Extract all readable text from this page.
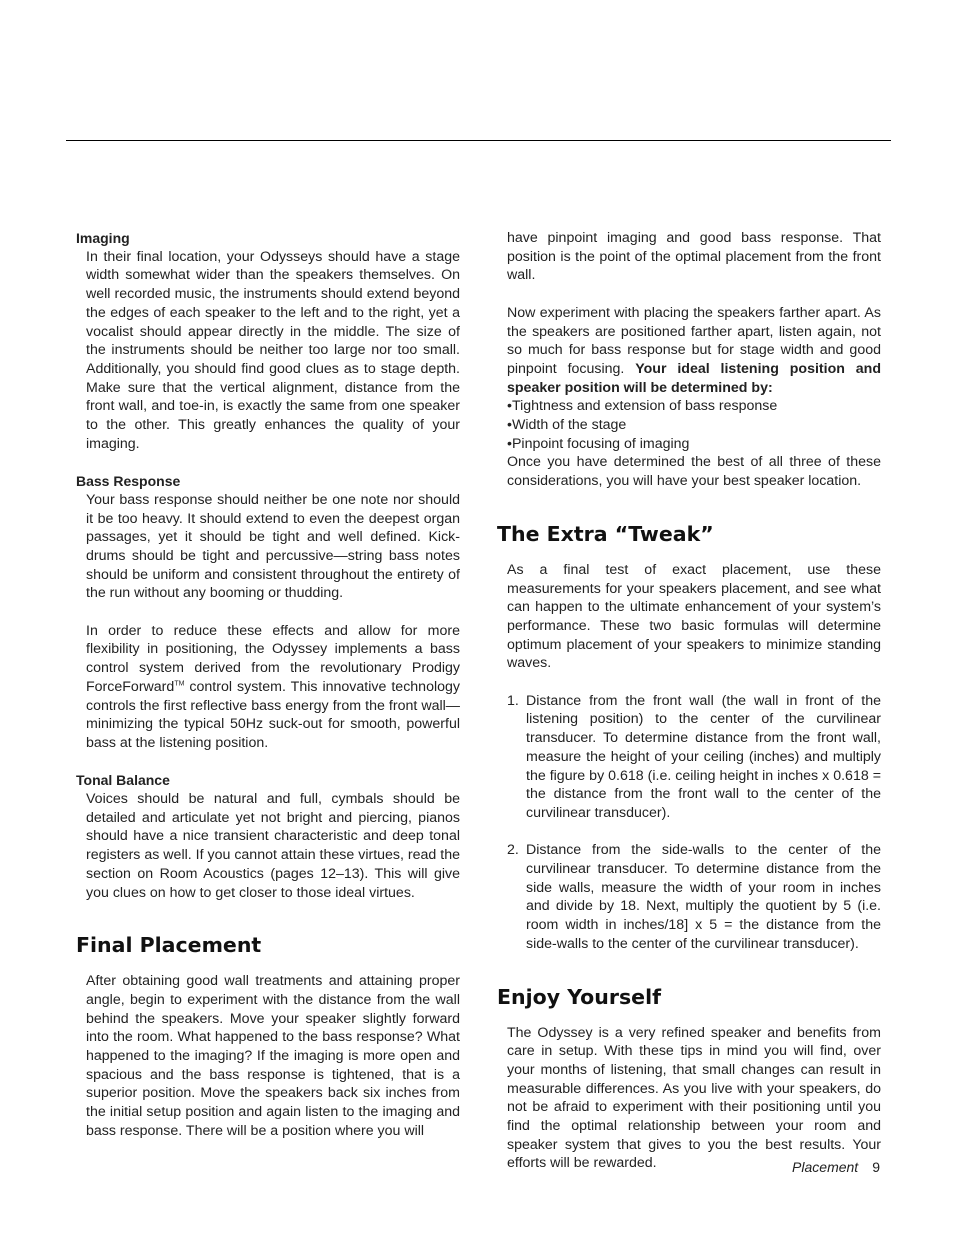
Imaging

In their final location, your Odysseys should have a stage width somewhat wider than the speakers themselves. On well recorded music, the instruments should extend beyond the edges of each speaker to the left and to the right, yet a vocalist should appear directly in the middle. The size of the instruments should be neither too large nor too small. Additionally, you should find good clues as to stage depth. Make sure that the vertical alignment, distance from the front wall, and toe-in, is exactly the same from one speaker to the other. This greatly enhances the quality of your imaging.

Bass Response

Your bass response should neither be one note nor should it be too heavy. It should extend to even the deepest organ passages, yet it should be tight and well defined. Kick-drums should be tight and percussive—string bass notes should be uniform and consistent throughout the entirety of the run without any booming or thudding.

In order to reduce these effects and allow for more flexibility in positioning, the Odyssey implements a bass control system derived from the revolutionary Prodigy ForceForward™ control system. This innovative technology controls the first reflective bass energy from the front wall—minimizing the typical 50Hz suck-out for smooth, powerful bass at the listening position.

Tonal Balance

Voices should be natural and full, cymbals should be detailed and articulate yet not bright and piercing, pianos should have a nice transient characteristic and deep tonal registers as well. If you cannot attain these virtues, read the section on Room Acoustics (pages 12–13). This will give you clues on how to get closer to those ideal virtues.

Final Placement

After obtaining good wall treatments and attaining proper angle, begin to experiment with the distance from the wall behind the speakers. Move your speaker slightly forward into the room. What happened to the bass response? What happened to the imaging? If the imaging is more open and spacious and the bass response is tightened, that is a superior position. Move the speakers back six inches from the initial setup position and again listen to the imaging and bass response. There will be a position where you will

have pinpoint imaging and good bass response. That position is the point of the optimal placement from the front wall.

Now experiment with placing the speakers farther apart. As the speakers are positioned farther apart, listen again, not so much for bass response but for stage width and good pinpoint focusing. Your ideal listening position and speaker position will be determined by:

•Tightness and extension of bass response
•Width of the stage
•Pinpoint focusing of imaging

Once you have determined the best of all three of these considerations, you will have your best speaker location.

The Extra “Tweak”

As a final test of exact placement, use these measurements for your speakers placement, and see what can happen to the ultimate enhancement of your system’s performance. These two basic formulas will determine optimum placement of your speakers to minimize standing waves.

1. Distance from the front wall (the wall in front of the listening position) to the center of the curvilinear transducer. To determine distance from the front wall, measure the height of your ceiling (inches) and multiply the figure by 0.618 (i.e. ceiling height in inches x 0.618 = the distance from the front wall to the center of the curvilinear transducer).
2. Distance from the side-walls to the center of the curvilinear transducer. To determine distance from the side walls, measure the width of your room in inches and divide by 18. Next, multiply the quotient by 5 (i.e. room width in inches/18] x 5 = the distance from the side-walls to the center of the curvilinear transducer).
Enjoy Yourself

The Odyssey is a very refined speaker and benefits from care in setup. With these tips in mind you will find, over your months of listening, that small changes can result in measurable differences. As you live with your speakers, do not be afraid to experiment with their positioning until you find the optimal relationship between your room and speaker system that gives to you the best results. Your efforts will be rewarded.	Placement 9
